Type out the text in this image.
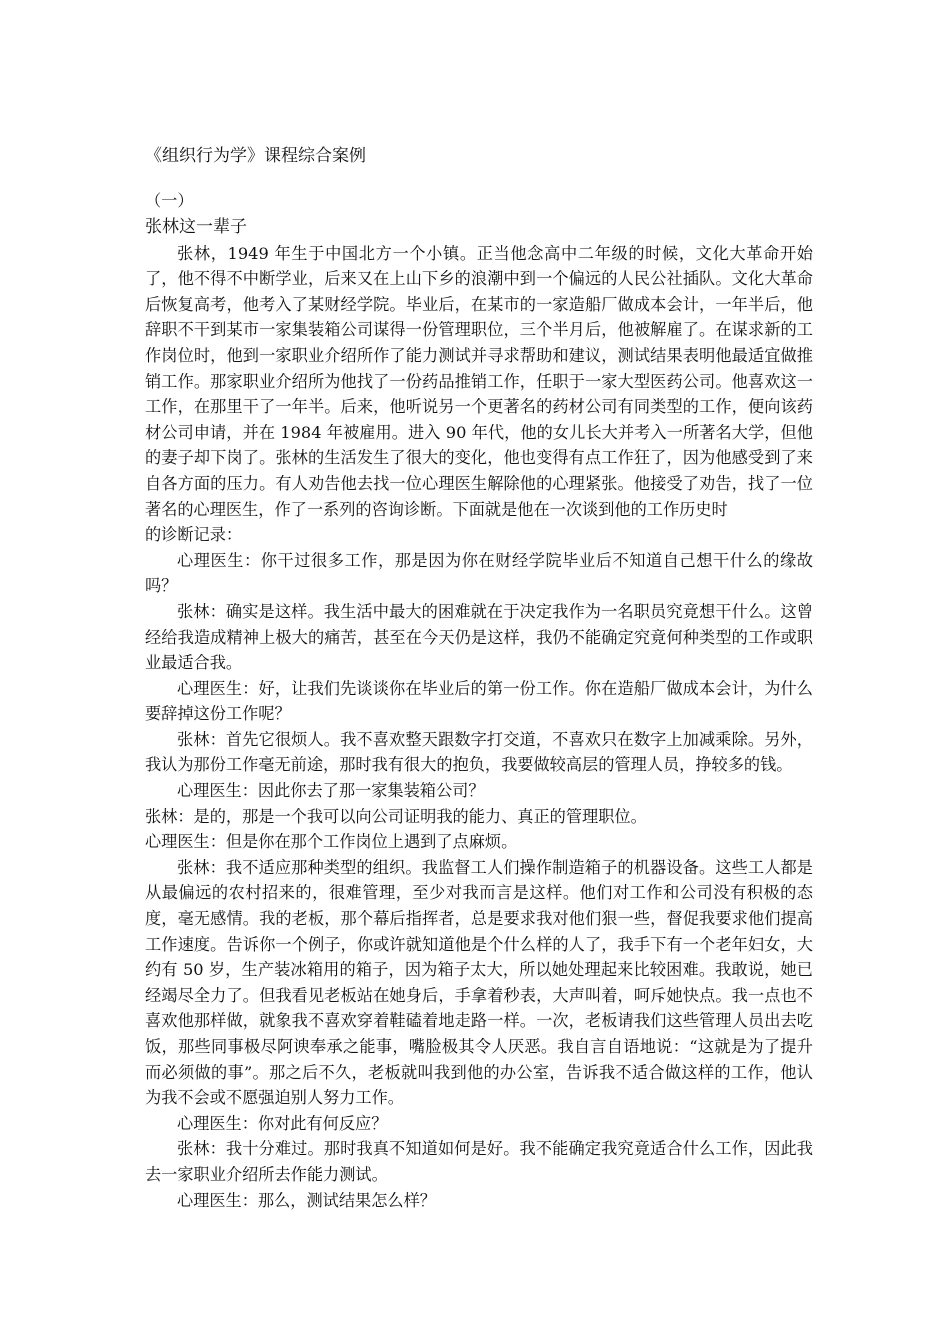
《组织行为学》课程综合案例

（一）

张林这一辈子

张林，1949 年生于中国北方一个小镇。正当他念高中二年级的时候，文化大革命开始了，他不得不中断学业，后来又在上山下乡的浪潮中到一个偏远的人民公社插队。文化大革命后恢复高考，他考入了某财经学院。毕业后，在某市的一家造船厂做成本会计，一年半后，他辞职不干到某市一家集装箱公司谋得一份管理职位，三个半月后，他被解雇了。在谋求新的工作岗位时，他到一家职业介绍所作了能力测试并寻求帮助和建议，测试结果表明他最适宜做推销工作。那家职业介绍所为他找了一份药品推销工作，任职于一家大型医药公司。他喜欢这一工作，在那里干了一年半。后来，他听说另一个更著名的药材公司有同类型的工作，便向该药材公司申请，并在 1984 年被雇用。进入 90 年代，他的女儿长大并考入一所著名大学，但他的妻子却下岗了。张林的生活发生了很大的变化，他也变得有点工作狂了，因为他感受到了来自各方面的压力。有人劝告他去找一位心理医生解除他的心理紧张。他接受了劝告，找了一位著名的心理医生，作了一系列的咨询诊断。下面就是他在一次谈到他的工作历史时

的诊断记录：

心理医生：你干过很多工作，那是因为你在财经学院毕业后不知道自己想干什么的缘故吗？

张林：确实是这样。我生活中最大的困难就在于决定我作为一名职员究竟想干什么。这曾经给我造成精神上极大的痛苦，甚至在今天仍是这样，我仍不能确定究竟何种类型的工作或职业最适合我。

心理医生：好，让我们先谈谈你在毕业后的第一份工作。你在造船厂做成本会计，为什么要辞掉这份工作呢？

张林：首先它很烦人。我不喜欢整天跟数字打交道，不喜欢只在数字上加减乘除。另外，我认为那份工作毫无前途，那时我有很大的抱负，我要做较高层的管理人员，挣较多的钱。

心理医生：因此你去了那一家集装箱公司？

张林：是的，那是一个我可以向公司证明我的能力、真正的管理职位。

心理医生：但是你在那个工作岗位上遇到了点麻烦。

张林：我不适应那种类型的组织。我监督工人们操作制造箱子的机器设备。这些工人都是从最偏远的农村招来的，很难管理，至少对我而言是这样。他们对工作和公司没有积极的态度，毫无感情。我的老板，那个幕后指挥者，总是要求我对他们狠一些，督促我要求他们提高工作速度。告诉你一个例子，你或许就知道他是个什么样的人了，我手下有一个老年妇女，大约有 50 岁，生产装冰箱用的箱子，因为箱子太大，所以她处理起来比较困难。我敢说，她已经竭尽全力了。但我看见老板站在她身后，手拿着秒表，大声叫着，呵斥她快点。我一点也不喜欢他那样做，就象我不喜欢穿着鞋磕着地走路一样。一次，老板请我们这些管理人员出去吃饭，那些同事极尽阿谀奉承之能事，嘴脸极其令人厌恶。我自言自语地说：“这就是为了提升而必须做的事”。那之后不久，老板就叫我到他的办公室，告诉我不适合做这样的工作，他认为我不会或不愿强迫别人努力工作。

心理医生：你对此有何反应？

张林：我十分难过。那时我真不知道如何是好。我不能确定我究竟适合什么工作，因此我去一家职业介绍所去作能力测试。

心理医生：那么，测试结果怎么样？
